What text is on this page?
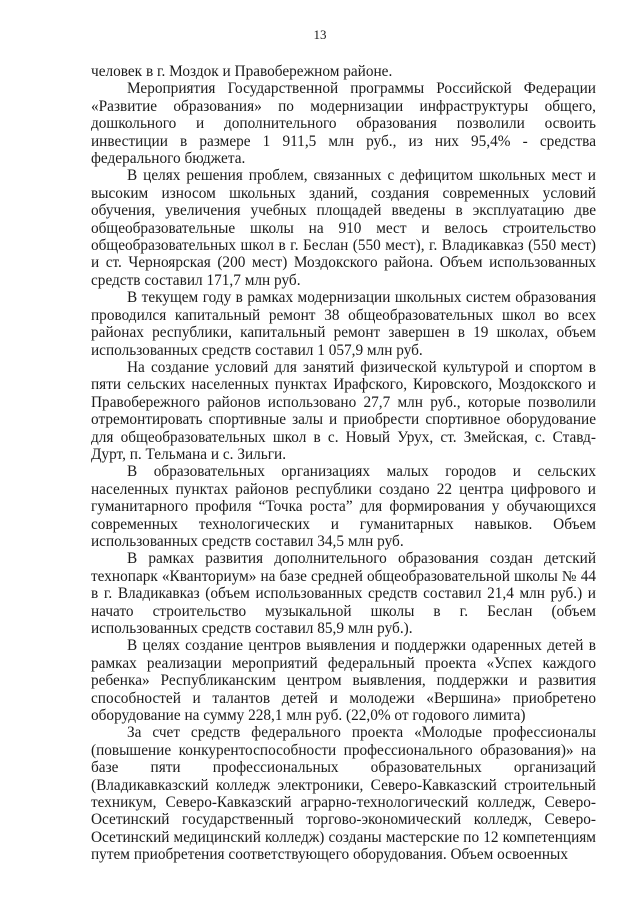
13

человек в г. Моздок и Правобережном районе.

Мероприятия Государственной программы Российской Федерации «Развитие образования» по модернизации инфраструктуры общего, дошкольного и дополнительного образования позволили освоить инвестиции в размере 1 911,5 млн руб., из них 95,4% - средства федерального бюджета.

В целях решения проблем, связанных с дефицитом школьных мест и высоким износом школьных зданий, создания современных условий обучения, увеличения учебных площадей введены в эксплуатацию две общеобразовательные школы на 910 мест и велось строительство общеобразовательных школ в г. Беслан (550 мест), г. Владикавказ (550 мест) и ст. Черноярская (200 мест) Моздокского района. Объем использованных средств составил 171,7 млн руб.

В текущем году в рамках модернизации школьных систем образования проводился капитальный ремонт 38 общеобразовательных школ во всех районах республики, капитальный ремонт завершен в 19 школах, объем использованных средств составил 1 057,9 млн руб.

На создание условий для занятий физической культурой и спортом в пяти сельских населенных пунктах Ирафского, Кировского, Моздокского и Правобережного районов использовано 27,7 млн руб., которые позволили отремонтировать спортивные залы и приобрести спортивное оборудование для общеобразовательных школ в с. Новый Урух, ст. Змейская, с. Ставд-Дурт, п. Тельмана и с. Зильги.

В образовательных организациях малых городов и сельских населенных пунктах районов республики создано 22 центра цифрового и гуманитарного профиля “Точка роста” для формирования у обучающихся современных технологических и гуманитарных навыков. Объем использованных средств составил 34,5 млн руб.

В рамках развития дополнительного образования создан детский технопарк «Кванториум» на базе средней общеобразовательной школы № 44 в г. Владикавказ (объем использованных средств составил 21,4 млн руб.) и начато строительство музыкальной школы в г. Беслан (объем использованных средств составил 85,9 млн руб.).

В целях создание центров выявления и поддержки одаренных детей в рамках реализации мероприятий федеральный проекта «Успех каждого ребенка» Республиканским центром выявления, поддержки и развития способностей и талантов детей и молодежи «Вершина» приобретено оборудование на сумму 228,1 млн руб. (22,0% от годового лимита)

За счет средств федерального проекта «Молодые профессионалы (повышение конкурентоспособности профессионального образования)» на базе пяти профессиональных образовательных организаций (Владикавказский колледж электроники, Северо-Кавказский строительный техникум, Северо-Кавказский аграрно-технологический колледж, Северо-Осетинский государственный торгово-экономический колледж, Северо-Осетинский медицинский колледж) созданы мастерские по 12 компетенциям путем приобретения соответствующего оборудования. Объем освоенных
